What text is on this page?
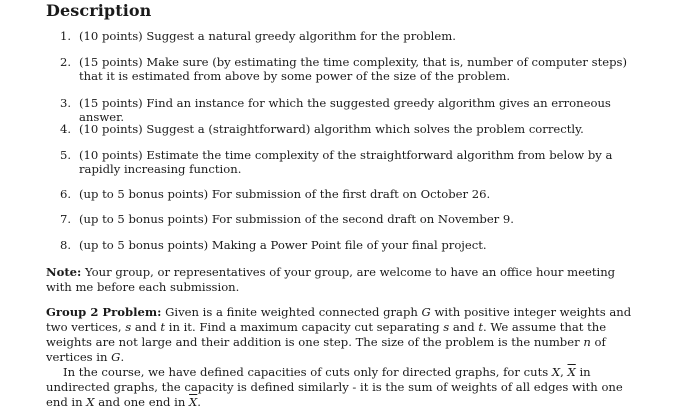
Description
1. (10 points) Suggest a natural greedy algorithm for the problem.
2. (15 points) Make sure (by estimating the time complexity, that is, number of computer steps) that it is estimated from above by some power of the size of the problem.
3. (15 points) Find an instance for which the suggested greedy algorithm gives an erroneous answer.
4. (10 points) Suggest a (straightforward) algorithm which solves the problem correctly.
5. (10 points) Estimate the time complexity of the straightforward algorithm from below by a rapidly increasing function.
6. (up to 5 bonus points) For submission of the first draft on October 26.
7. (up to 5 bonus points) For submission of the second draft on November 9.
8. (up to 5 bonus points) Making a Power Point file of your final project.
Note: Your group, or representatives of your group, are welcome to have an office hour meeting with me before each submission.
Group 2 Problem: Given is a finite weighted connected graph G with positive integer weights and two vertices, s and t in it. Find a maximum capacity cut separating s and t. We assume that the weights are not large and their addition is one step. The size of the problem is the number n of vertices in G.
In the course, we have defined capacities of cuts only for directed graphs, for cuts X, $\overline{X}$ in undirected graphs, the capacity is defined similarly - it is the sum of weights of all edges with one end in X and one end in $\overline{X}$.
